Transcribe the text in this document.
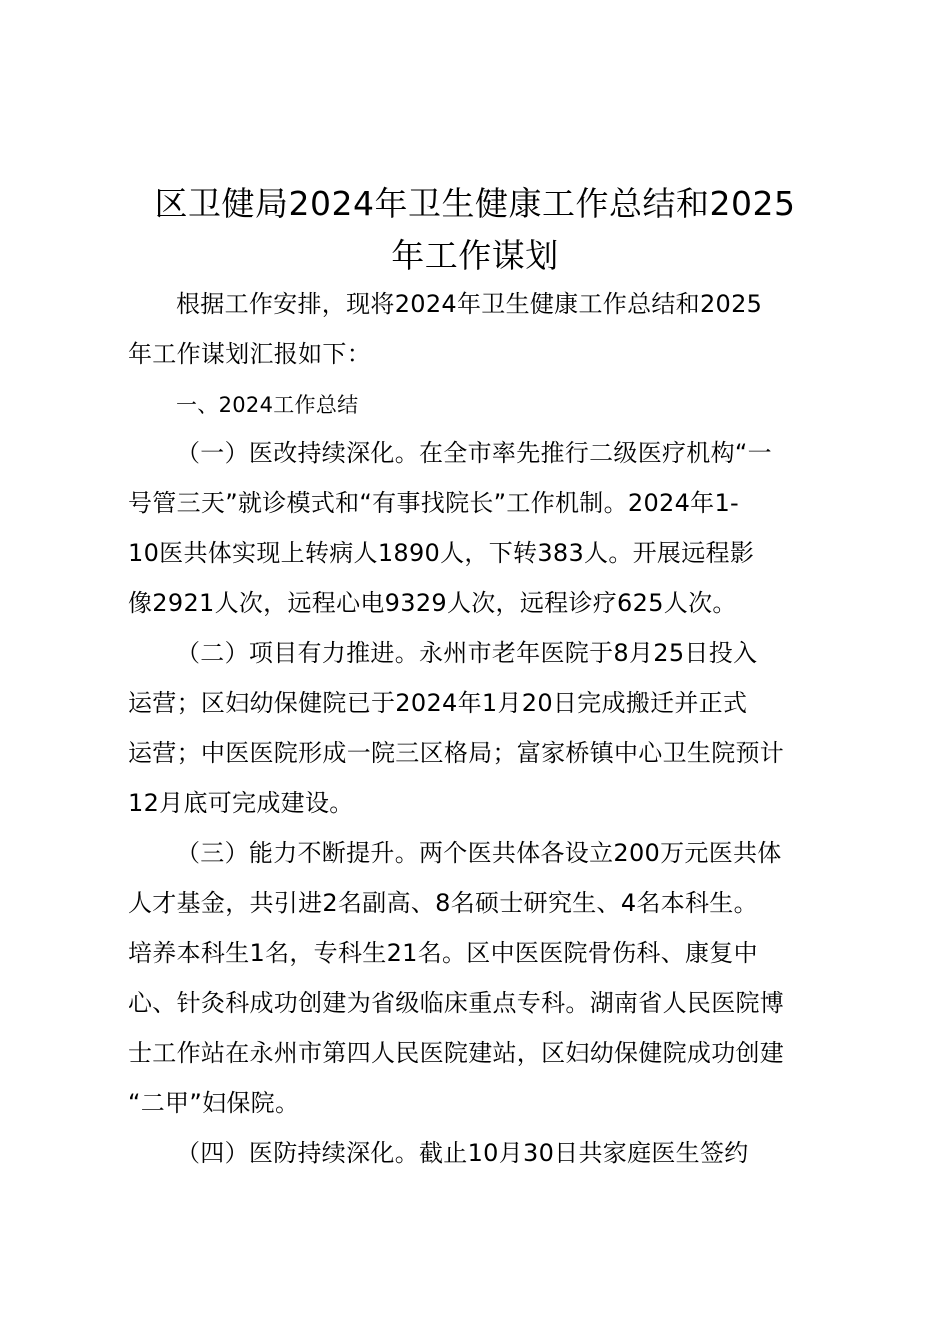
区卫健局2024年卫生健康工作总结和2025
年工作谋划
根据工作安排，现将2024年卫生健康工作总结和2025
年工作谋划汇报如下：
一、2024工作总结
（一）医改持续深化。在全市率先推行二级医疗机构“一
号管三天”就诊模式和“有事找院长”工作机制。2024年1-
10医共体实现上转病人1890人，下转383人。开展远程影
像2921人次，远程心电9329人次，远程诊疗625人次。
（二）项目有力推进。永州市老年医院于8月25日投入
运营；区妇幼保健院已于2024年1月20日完成搬迁并正式
运营；中医医院形成一院三区格局；富家桥镇中心卫生院预计
12月底可完成建设。
（三）能力不断提升。两个医共体各设立200万元医共体
人才基金，共引进2名副高、8名硕士研究生、4名本科生。
培养本科生1名，专科生21名。区中医医院骨伤科、康复中
心、针灸科成功创建为省级临床重点专科。湖南省人民医院博
士工作站在永州市第四人民医院建站，区妇幼保健院成功创建
“二甲”妇保院。
（四）医防持续深化。截止10月30日共家庭医生签约
